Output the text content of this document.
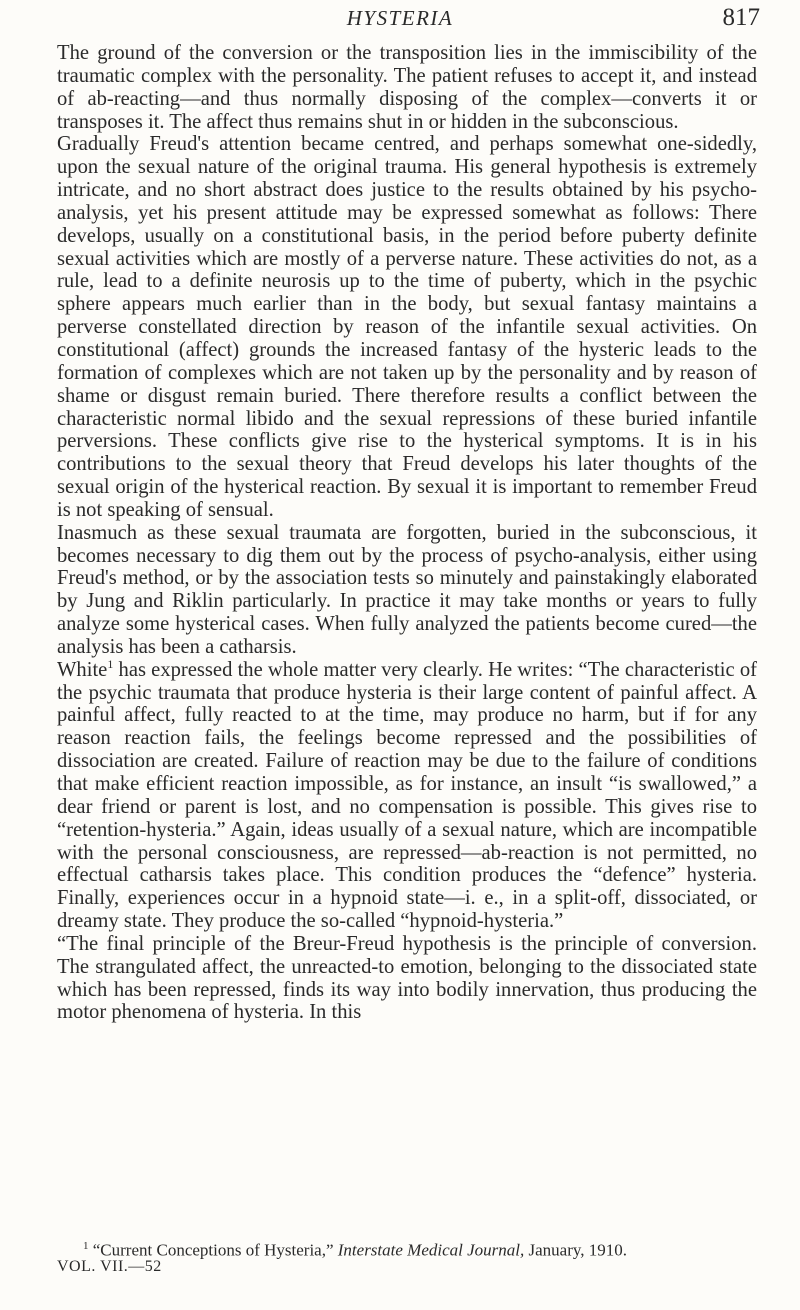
HYSTERIA	817

The ground of the conversion or the transposition lies in the immiscibility of the traumatic complex with the personality. The patient refuses to accept it, and instead of ab-reacting—and thus normally disposing of the complex—converts it or transposes it. The affect thus remains shut in or hidden in the subconscious.

Gradually Freud's attention became centred, and perhaps somewhat one-sidedly, upon the sexual nature of the original trauma. His general hypothesis is extremely intricate, and no short abstract does justice to the results obtained by his psycho-analysis, yet his present attitude may be expressed somewhat as follows: There develops, usually on a constitutional basis, in the period before puberty definite sexual activities which are mostly of a perverse nature. These activities do not, as a rule, lead to a definite neurosis up to the time of puberty, which in the psychic sphere appears much earlier than in the body, but sexual fantasy maintains a perverse constellated direction by reason of the infantile sexual activities. On constitutional (affect) grounds the increased fantasy of the hysteric leads to the formation of complexes which are not taken up by the personality and by reason of shame or disgust remain buried. There therefore results a conflict between the characteristic normal libido and the sexual repressions of these buried infantile perversions. These conflicts give rise to the hysterical symptoms. It is in his contributions to the sexual theory that Freud develops his later thoughts of the sexual origin of the hysterical reaction. By sexual it is important to remember Freud is not speaking of sensual.

Inasmuch as these sexual traumata are forgotten, buried in the subconscious, it becomes necessary to dig them out by the process of psycho-analysis, either using Freud's method, or by the association tests so minutely and painstakingly elaborated by Jung and Riklin particularly. In practice it may take months or years to fully analyze some hysterical cases. When fully analyzed the patients become cured—the analysis has been a catharsis.

White$^1$ has expressed the whole matter very clearly. He writes: “The characteristic of the psychic traumata that produce hysteria is their large content of painful affect. A painful affect, fully reacted to at the time, may produce no harm, but if for any reason reaction fails, the feelings become repressed and the possibilities of dissociation are created. Failure of reaction may be due to the failure of conditions that make efficient reaction impossible, as for instance, an insult “is swallowed,” a dear friend or parent is lost, and no compensation is possible. This gives rise to “retention-hysteria.” Again, ideas usually of a sexual nature, which are incompatible with the personal consciousness, are repressed—ab-reaction is not permitted, no effectual catharsis takes place. This condition produces the “defence” hysteria. Finally, experiences occur in a hypnoid state—i. e., in a split-off, dissociated, or dreamy state. They produce the so-called “hypnoid-hysteria.”

“The final principle of the Breur-Freud hypothesis is the principle of conversion. The strangulated affect, the unreacted-to emotion, belonging to the dissociated state which has been repressed, finds its way into bodily innervation, thus producing the motor phenomena of hysteria. In this

$^1$ “Current Conceptions of Hysteria,” Interstate Medical Journal, January, 1910.
VOL. VII.—52
